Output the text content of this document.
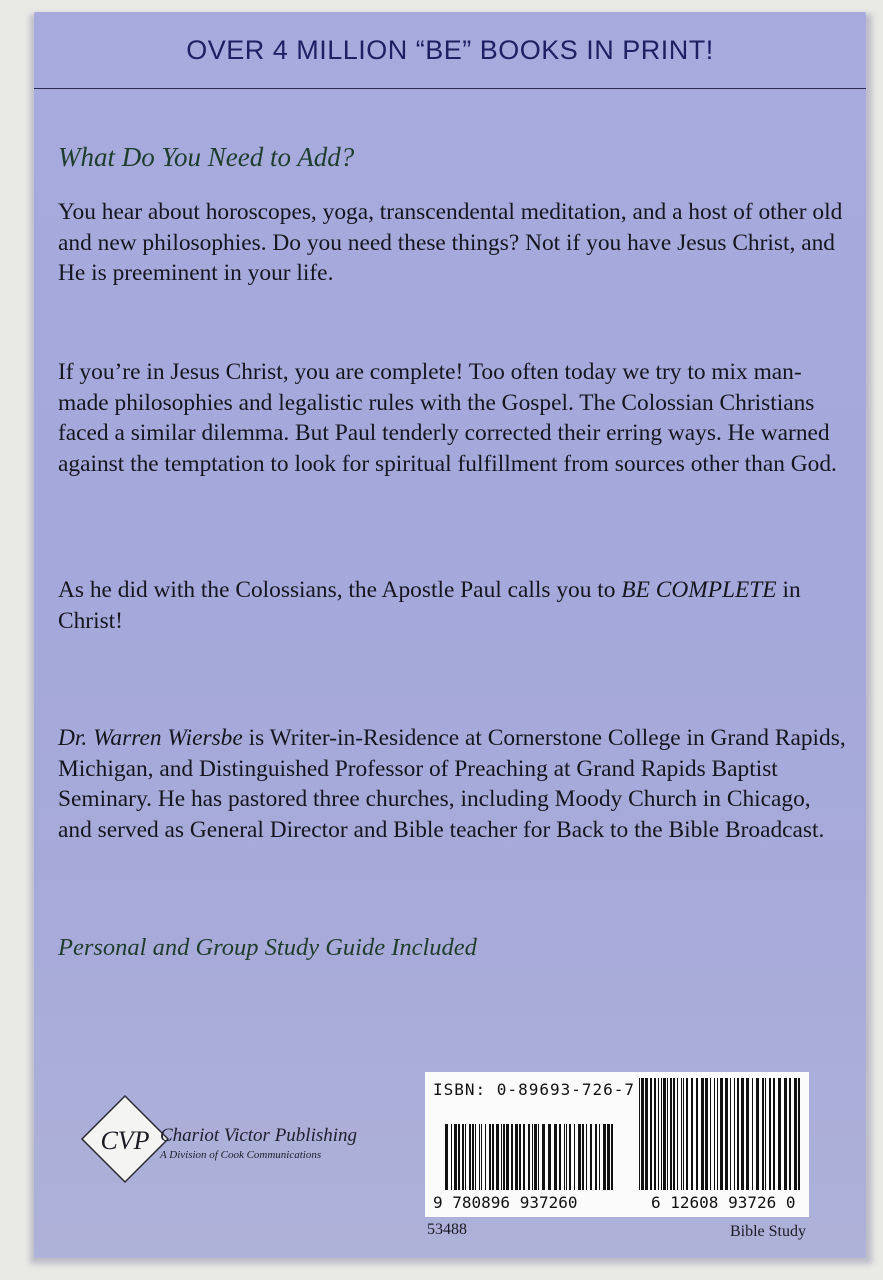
OVER 4 MILLION “BE” BOOKS IN PRINT!
What Do You Need to Add?

You hear about horoscopes, yoga, transcendental meditation, and a host of other old and new philosophies. Do you need these things? Not if you have Jesus Christ, and He is preeminent in your life.

If you’re in Jesus Christ, you are complete! Too often today we try to mix man-made philosophies and legalistic rules with the Gospel. The Colossian Christians faced a similar dilemma. But Paul tenderly corrected their erring ways. He warned against the temptation to look for spiritual fulfillment from sources other than God.

As he did with the Colossians, the Apostle Paul calls you to BE COMPLETE in Christ!

Dr. Warren Wiersbe is Writer-in-Residence at Cornerstone College in Grand Rapids, Michigan, and Distinguished Professor of Preaching at Grand Rapids Baptist Seminary. He has pastored three churches, including Moody Church in Chicago, and served as General Director and Bible teacher for Back to the Bible Broadcast.

Personal and Group Study Guide Included
CVP Chariot Victor Publishing
A Division of Cook Communications
ISBN: 0-89693-726-7
9 780896 937260	6 12608 93726 0
53488	Bible Study
